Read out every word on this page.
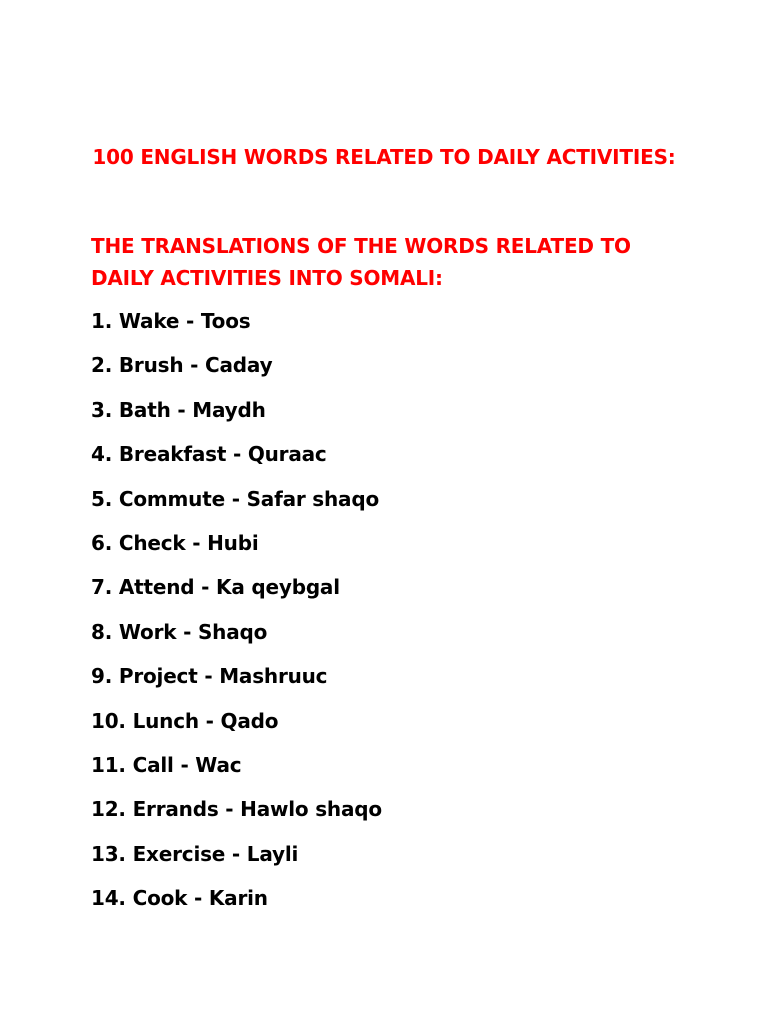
100 ENGLISH WORDS RELATED TO DAILY ACTIVITIES:
THE TRANSLATIONS OF THE WORDS RELATED TO DAILY ACTIVITIES INTO SOMALI:
1. Wake - Toos
2. Brush - Caday
3. Bath - Maydh
4. Breakfast - Quraac
5. Commute - Safar shaqo
6. Check - Hubi
7. Attend - Ka qeybgal
8. Work - Shaqo
9. Project - Mashruuc
10. Lunch - Qado
11. Call - Wac
12. Errands - Hawlo shaqo
13. Exercise - Layli
14. Cook - Karin
